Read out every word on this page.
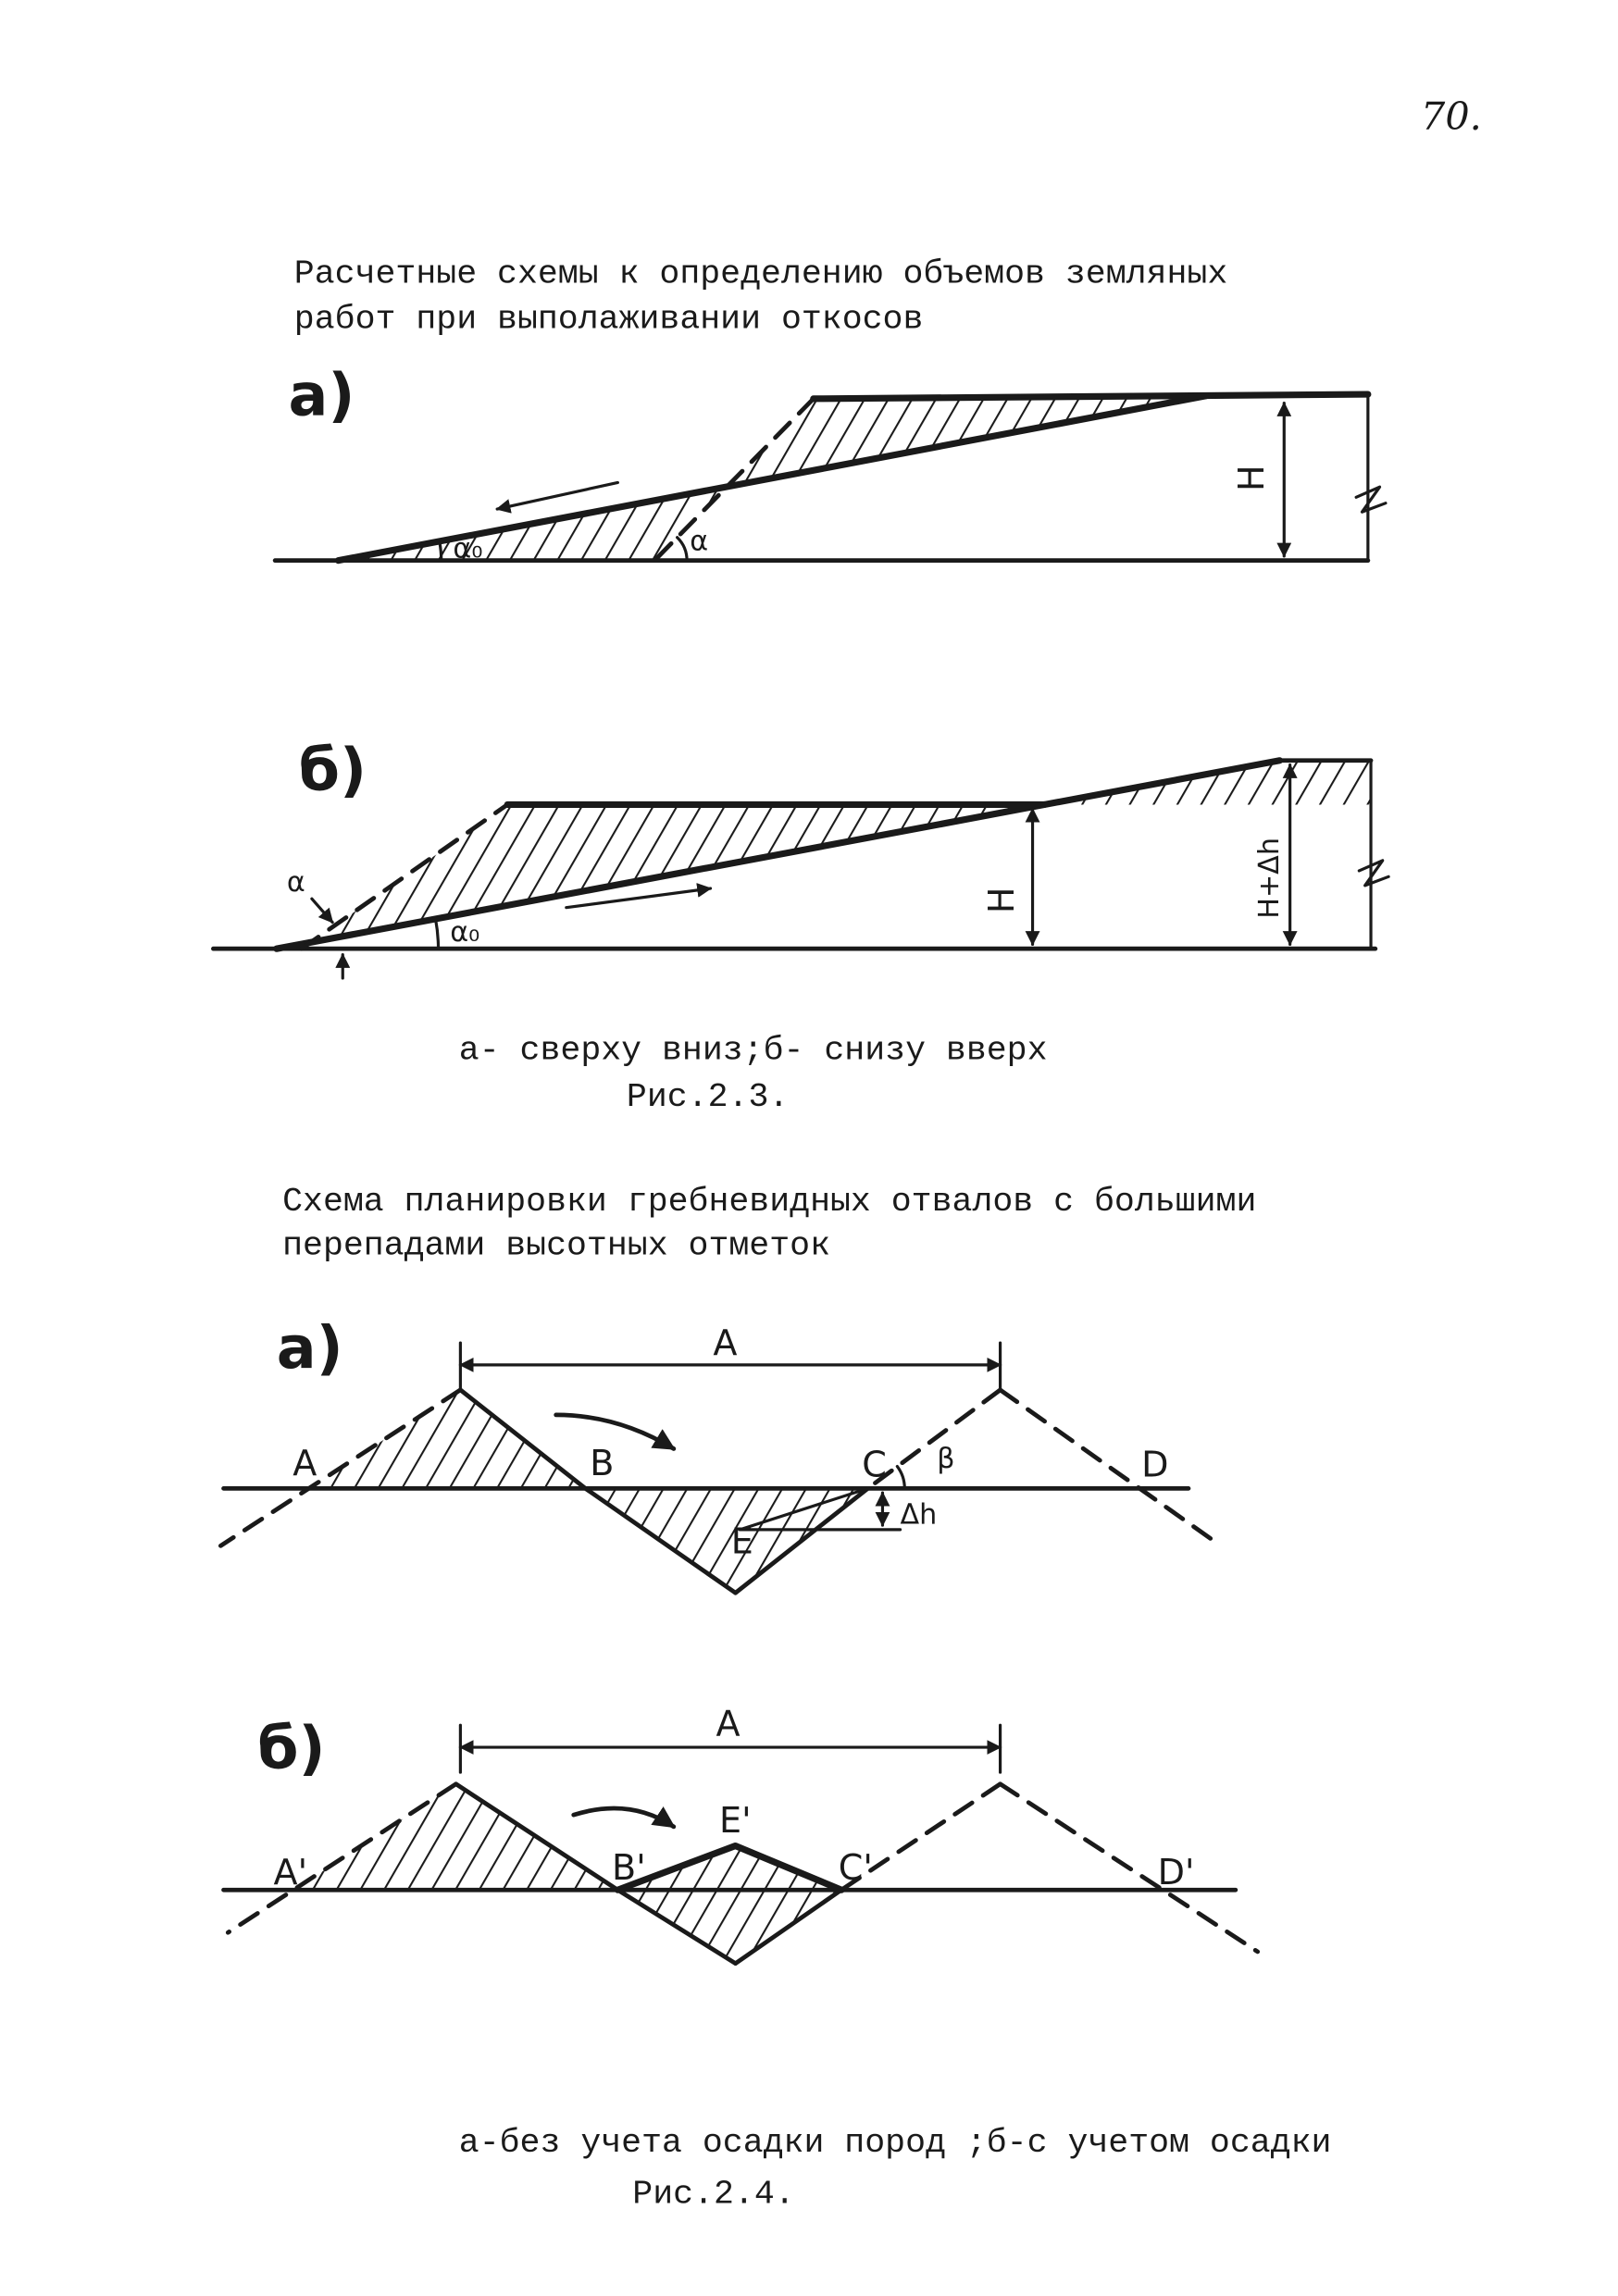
70.
Расчетные схемы к определению объемов земляных
работ при выполаживании откосов
а)
H
α₀	α
б)
H	H+Δh
α₀
α
а- сверху вниз;б- снизу вверх
Рис.2.3.
Схема планировки гребневидных отвалов с большими
перепадами высотных отметок
а)	A
Δh
β
A	B	C	D
E
б)	A
A'	B'
E'
C'	D'
а-без учета осадки пород ;б-с учетом осадки
Рис.2.4.
